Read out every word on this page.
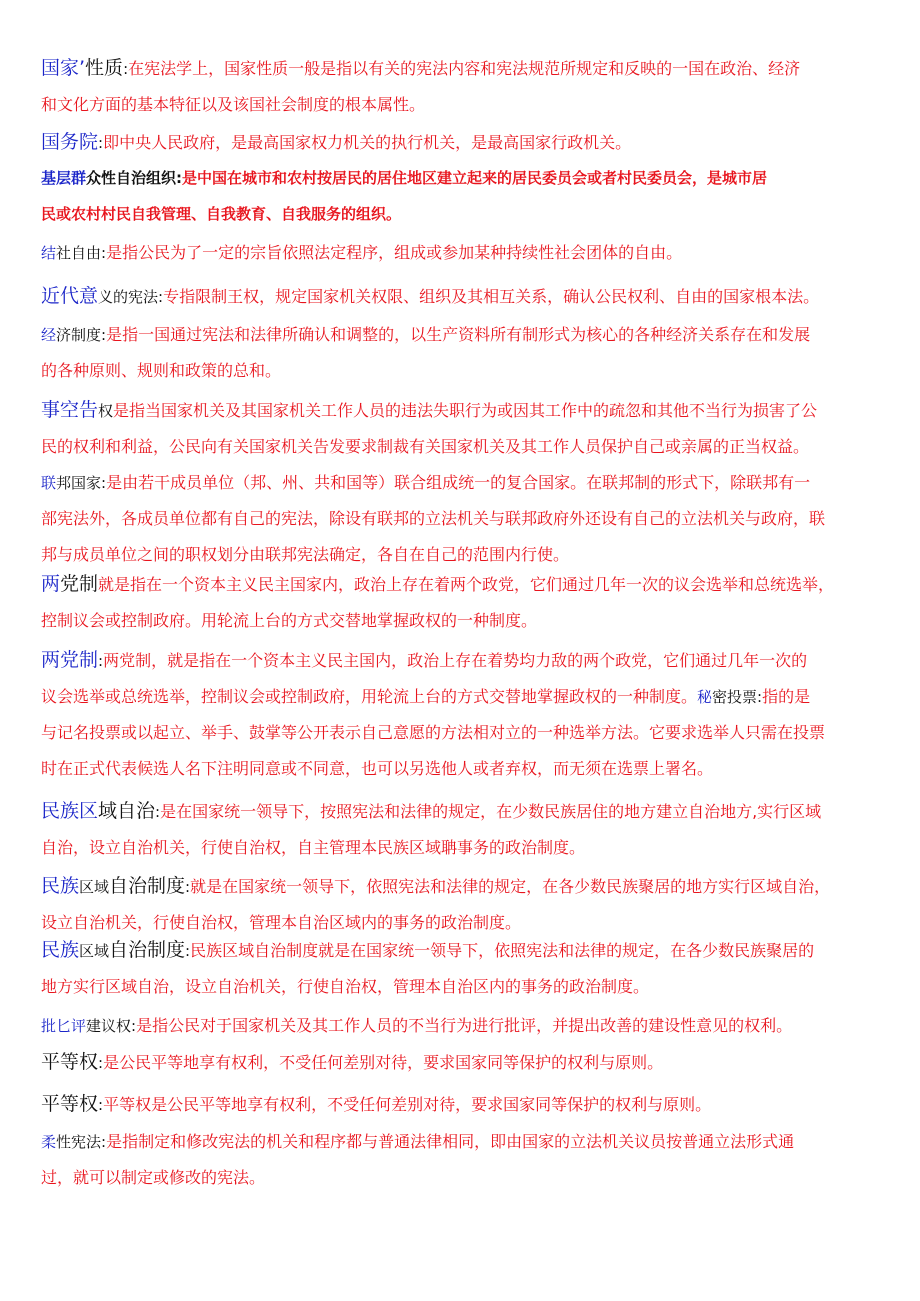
国家’性质:在宪法学上，国家性质一般是指以有关的宪法内容和宪法规范所规定和反映的一国在政治、经济

和文化方面的基本特征以及该国社会制度的根本属性。

国务院:即中央人民政府，是最高国家权力机关的执行机关，是最高国家行政机关。

基层群众性自治组织:是中国在城市和农村按居民的居住地区建立起来的居民委员会或者村民委员会，是城市居

民或农村村民自我管理、自我教育、自我服务的组织。

结社自由:是指公民为了一定的宗旨依照法定程序，组成或参加某种持续性社会团体的自由。

近代意义的宪法:专指限制王权，规定国家机关权限、组织及其相互关系，确认公民权利、自由的国家根本法。

经济制度:是指一国通过宪法和法律所确认和调整的，以生产资料所有制形式为核心的各种经济关系存在和发展

的各种原则、规则和政策的总和。

事空告权是指当国家机关及其国家机关工作人员的违法失职行为或因其工作中的疏忽和其他不当行为损害了公

民的权利和利益，公民向有关国家机关告发要求制裁有关国家机关及其工作人员保护自己或亲属的正当权益。

联邦国家:是由若干成员单位（邦、州、共和国等）联合组成统一的复合国家。在联邦制的形式下，除联邦有一

部宪法外，各成员单位都有自己的宪法，除设有联邦的立法机关与联邦政府外还设有自己的立法机关与政府，联

邦与成员单位之间的职权划分由联邦宪法确定，各自在自己的范围内行使。

两党制就是指在一个资本主义民主国家内，政治上存在着两个政党，它们通过几年一次的议会选举和总统选举，

控制议会或控制政府。用轮流上台的方式交替地掌握政权的一种制度。

两党制:两党制，就是指在一个资本主义民主国内，政治上存在着势均力敌的两个政党，它们通过几年一次的

议会选举或总统选举，控制议会或控制政府，用轮流上台的方式交替地掌握政权的一种制度。秘密投票:指的是

与记名投票或以起立、举手、鼓掌等公开表示自己意愿的方法相对立的一种选举方法。它要求选举人只需在投票

时在正式代表候选人名下注明同意或不同意，也可以另选他人或者弃权，而无须在选票上署名。

民族区域自治:是在国家统一领导下，按照宪法和法律的规定，在少数民族居住的地方建立自治地方,实行区域

自治，设立自治机关，行使自治权，自主管理本民族区域聃事务的政治制度。

民族区域自治制度:就是在国家统一领导下，依照宪法和法律的规定，在各少数民族聚居的地方实行区域自治，

设立自治机关，行使自治权，管理本自治区域内的事务的政治制度。

民族区域自治制度:民族区域自治制度就是在国家统一领导下，依照宪法和法律的规定，在各少数民族聚居的

地方实行区域自治，设立自治机关，行使自治权，管理本自治区内的事务的政治制度。

批匕评建议权:是指公民对于国家机关及其工作人员的不当行为进行批评，并提出改善的建设性意见的权利。

平等权:是公民平等地享有权利，不受任何差别对待，要求国家同等保护的权利与原则。

平等权:平等权是公民平等地享有权利，不受任何差别对待，要求国家同等保护的权利与原则。

柔性宪法:是指制定和修改宪法的机关和程序都与普通法律相同，即由国家的立法机关议员按普通立法形式通

过，就可以制定或修改的宪法。
